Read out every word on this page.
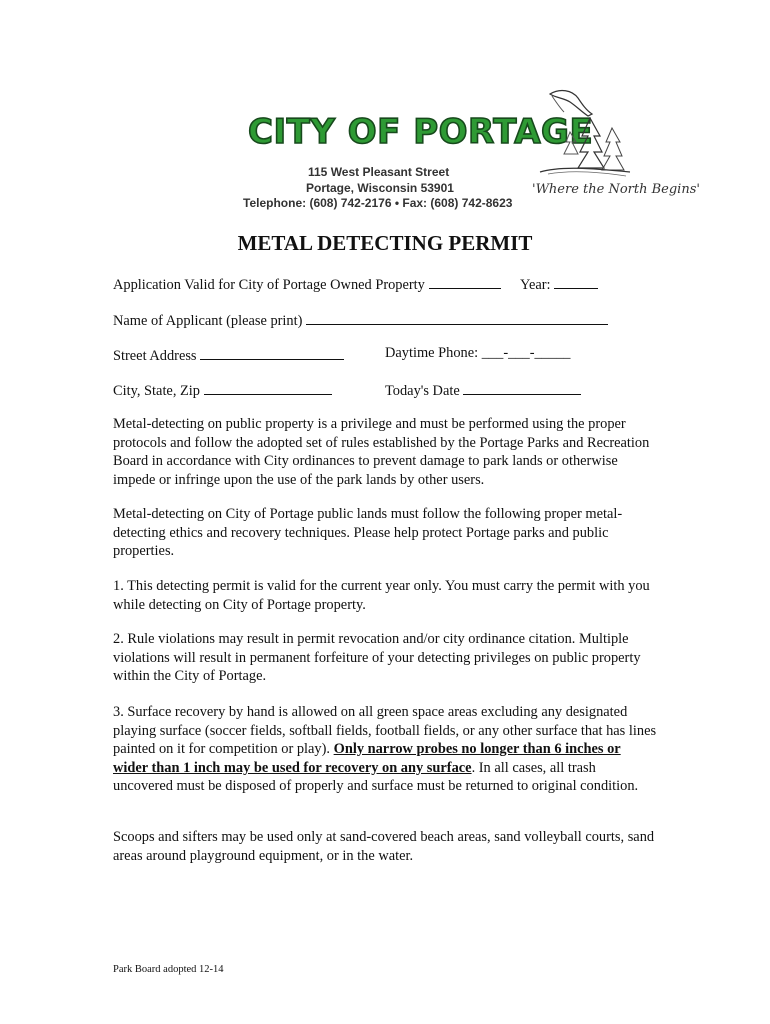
CITY OF PORTAGE
115 West Pleasant Street
Portage, Wisconsin 53901
Telephone: (608) 742-2176 • Fax: (608) 742-8623
'Where the North Begins'
METAL DETECTING PERMIT
Application Valid for City of Portage Owned Property	Year:
Name of Applicant (please print)
Street Address	Daytime Phone: ___-___-_____
City, State, Zip	Today's Date

Metal-detecting on public property is a privilege and must be performed using the proper protocols and follow the adopted set of rules established by the Portage Parks and Recreation Board in accordance with City ordinances to prevent damage to park lands or otherwise impede or infringe upon the use of the park lands by other users.

Metal-detecting on City of Portage public lands must follow the following proper metal-detecting ethics and recovery techniques. Please help protect Portage parks and public properties.

1. This detecting permit is valid for the current year only. You must carry the permit with you while detecting on City of Portage property.

2. Rule violations may result in permit revocation and/or city ordinance citation. Multiple violations will result in permanent forfeiture of your detecting privileges on public property within the City of Portage.

3. Surface recovery by hand is allowed on all green space areas excluding any designated playing surface (soccer fields, softball fields, football fields, or any other surface that has lines painted on it for competition or play). Only narrow probes no longer than 6 inches or wider than 1 inch may be used for recovery on any surface. In all cases, all trash uncovered must be disposed of properly and surface must be returned to original condition.

Scoops and sifters may be used only at sand-covered beach areas, sand volleyball courts, sand areas around playground equipment, or in the water.

Park Board adopted 12-14
